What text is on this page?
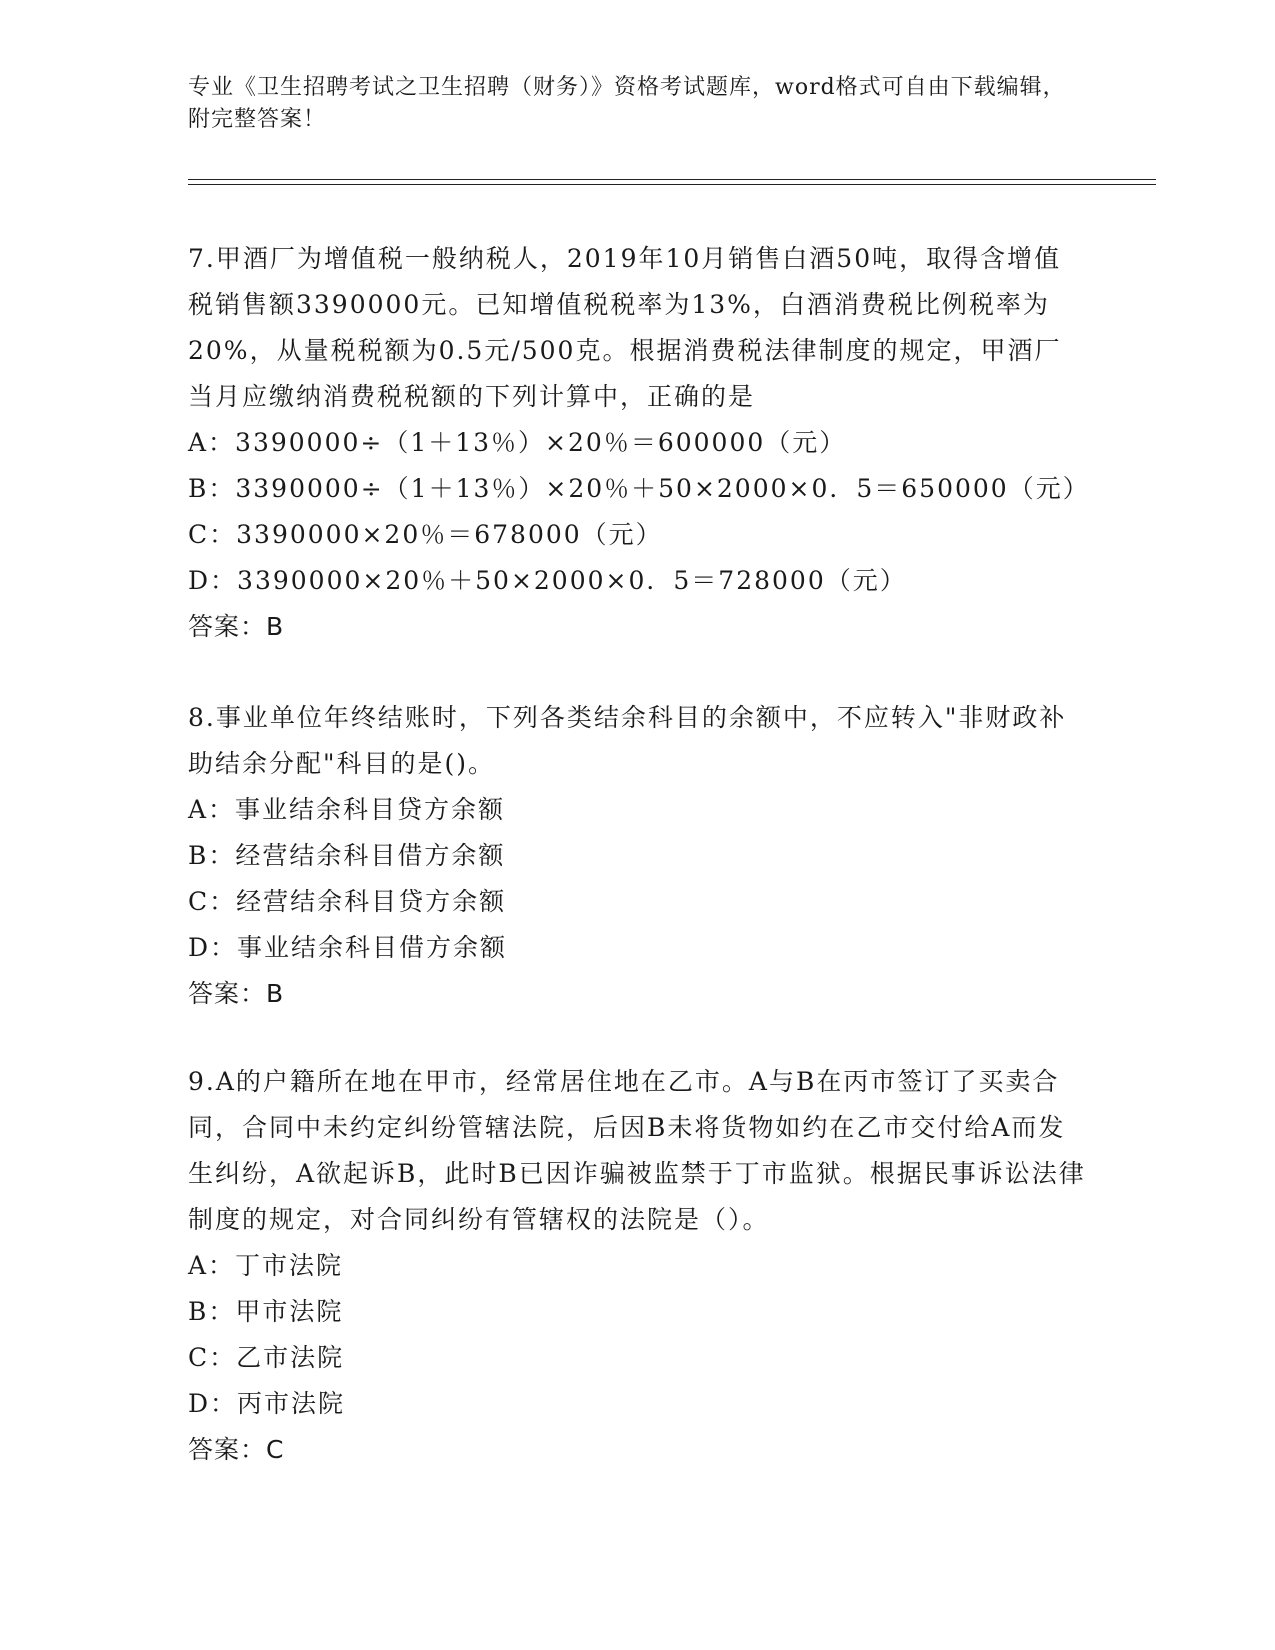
专业《卫生招聘考试之卫生招聘（财务）》资格考试题库，word格式可自由下载编辑，附完整答案！
7.甲酒厂为增值税一般纳税人，2019年10月销售白酒50吨，取得含增值税销售额3390000元。已知增值税税率为13%，白酒消费税比例税率为20%，从量税税额为0.5元/500克。根据消费税法律制度的规定，甲酒厂当月应缴纳消费税税额的下列计算中，正确的是
A：3390000÷（1＋13％）×20％＝600000（元）
B：3390000÷（1＋13％）×20％＋50×2000×0．5＝650000（元）
C：3390000×20％＝678000（元）
D：3390000×20％＋50×2000×0．5＝728000（元）
答案：B
8.事业单位年终结账时，下列各类结余科目的余额中，不应转入"非财政补助结余分配"科目的是()。
A：事业结余科目贷方余额
B：经营结余科目借方余额
C：经营结余科目贷方余额
D：事业结余科目借方余额
答案：B
9.A的户籍所在地在甲市，经常居住地在乙市。A与B在丙市签订了买卖合同，合同中未约定纠纷管辖法院，后因B未将货物如约在乙市交付给A而发生纠纷，A欲起诉B，此时B已因诈骗被监禁于丁市监狱。根据民事诉讼法律制度的规定，对合同纠纷有管辖权的法院是（）。
A：丁市法院
B：甲市法院
C：乙市法院
D：丙市法院
答案：C
